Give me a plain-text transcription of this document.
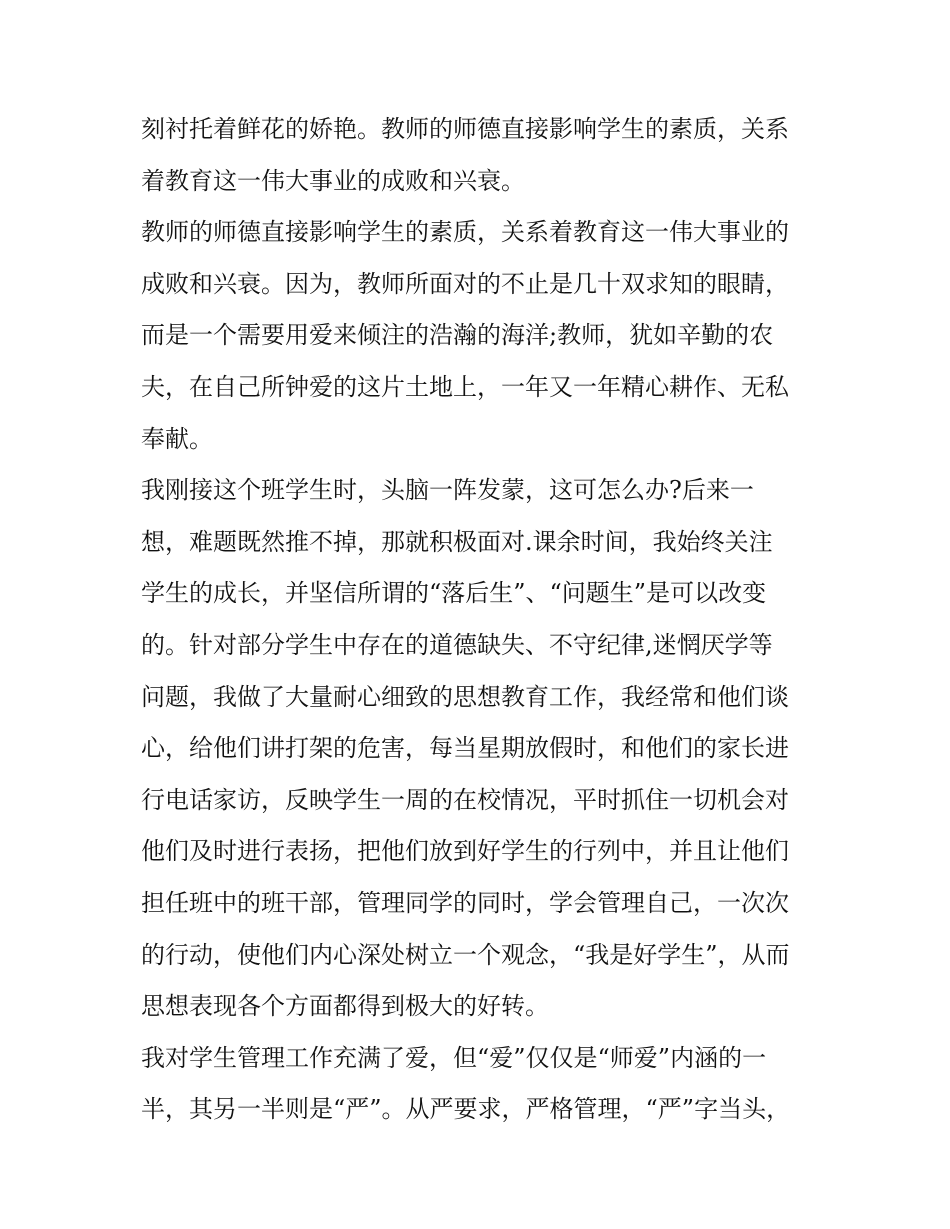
刻衬托着鲜花的娇艳。教师的师德直接影响学生的素质，关系
着教育这一伟大事业的成败和兴衰。
教师的师德直接影响学生的素质，关系着教育这一伟大事业的
成败和兴衰。因为，教师所面对的不止是几十双求知的眼睛，
而是一个需要用爱来倾注的浩瀚的海洋;教师，犹如辛勤的农
夫，在自己所钟爱的这片土地上，一年又一年精心耕作、无私
奉献。
我刚接这个班学生时，头脑一阵发蒙，这可怎么办?后来一
想，难题既然推不掉，那就积极面对.课余时间，我始终关注
学生的成长，并坚信所谓的“落后生”、“问题生”是可以改变
的。针对部分学生中存在的道德缺失、不守纪律,迷惘厌学等
问题，我做了大量耐心细致的思想教育工作，我经常和他们谈
心，给他们讲打架的危害，每当星期放假时，和他们的家长进
行电话家访，反映学生一周的在校情况，平时抓住一切机会对
他们及时进行表扬，把他们放到好学生的行列中，并且让他们
担任班中的班干部，管理同学的同时，学会管理自己，一次次
的行动，使他们内心深处树立一个观念，“我是好学生”，从而
思想表现各个方面都得到极大的好转。
我对学生管理工作充满了爱，但“爱”仅仅是“师爱”内涵的一
半，其另一半则是“严”。从严要求，严格管理，“严”字当头，
